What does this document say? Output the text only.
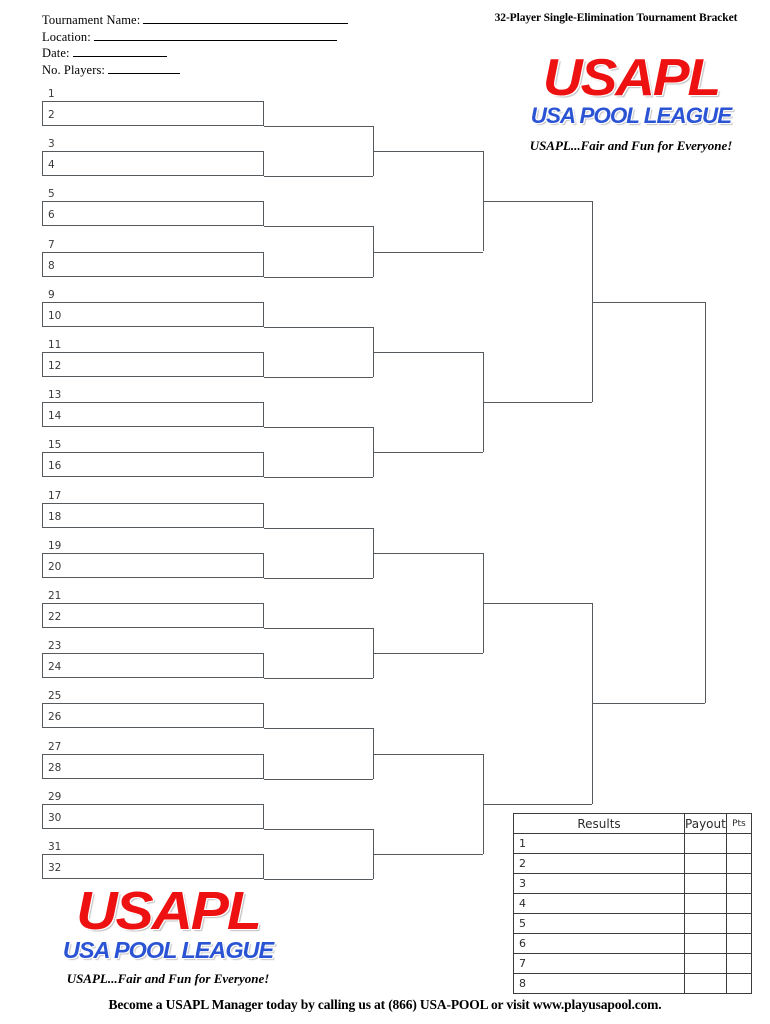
Tournament Name:
Location:
Date:
No. Players:
32-Player Single-Elimination Tournament Bracket
USAPL
USA POOL LEAGUE
USAPL...Fair and Fun for Everyone!
1
2
3
4
5
6
7
8
9
10
11
12
13
14
15
16
17
18
19
20
21
22
23
24
25
26
27
28
29
30
31
32
Results	Payout	Pts
1		
2		
3		
4		
5		
6		
7		
8		
USAPL
USA POOL LEAGUE
USAPL...Fair and Fun for Everyone!
Become a USAPL Manager today by calling us at (866) USA-POOL or visit www.playusapool.com.
